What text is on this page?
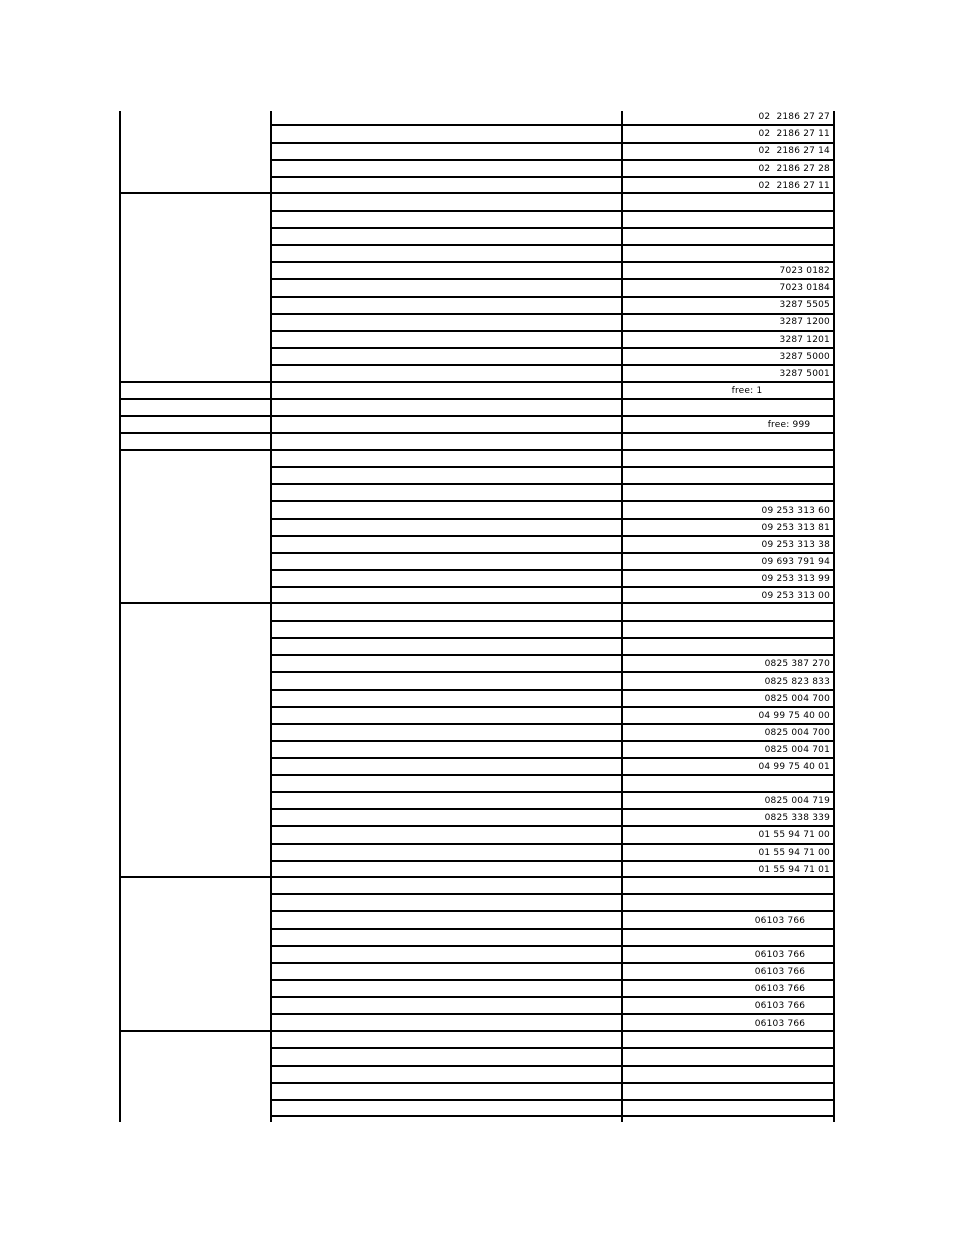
02  2186 27 27
02  2186 27 11
02  2186 27 14
02  2186 27 28
02  2186 27 11
7023 0182
7023 0184
3287 5505
3287 1200
3287 1201
3287 5000
3287 5001
free: 1
free: 999
09 253 313 60
09 253 313 81
09 253 313 38
09 693 791 94
09 253 313 99
09 253 313 00
0825 387 270
0825 823 833
0825 004 700
04 99 75 40 00
0825 004 700
0825 004 701
04 99 75 40 01
0825 004 719
0825 338 339
01 55 94 71 00
01 55 94 71 00
01 55 94 71 01
06103 766
06103 766
06103 766
06103 766
06103 766
06103 766
